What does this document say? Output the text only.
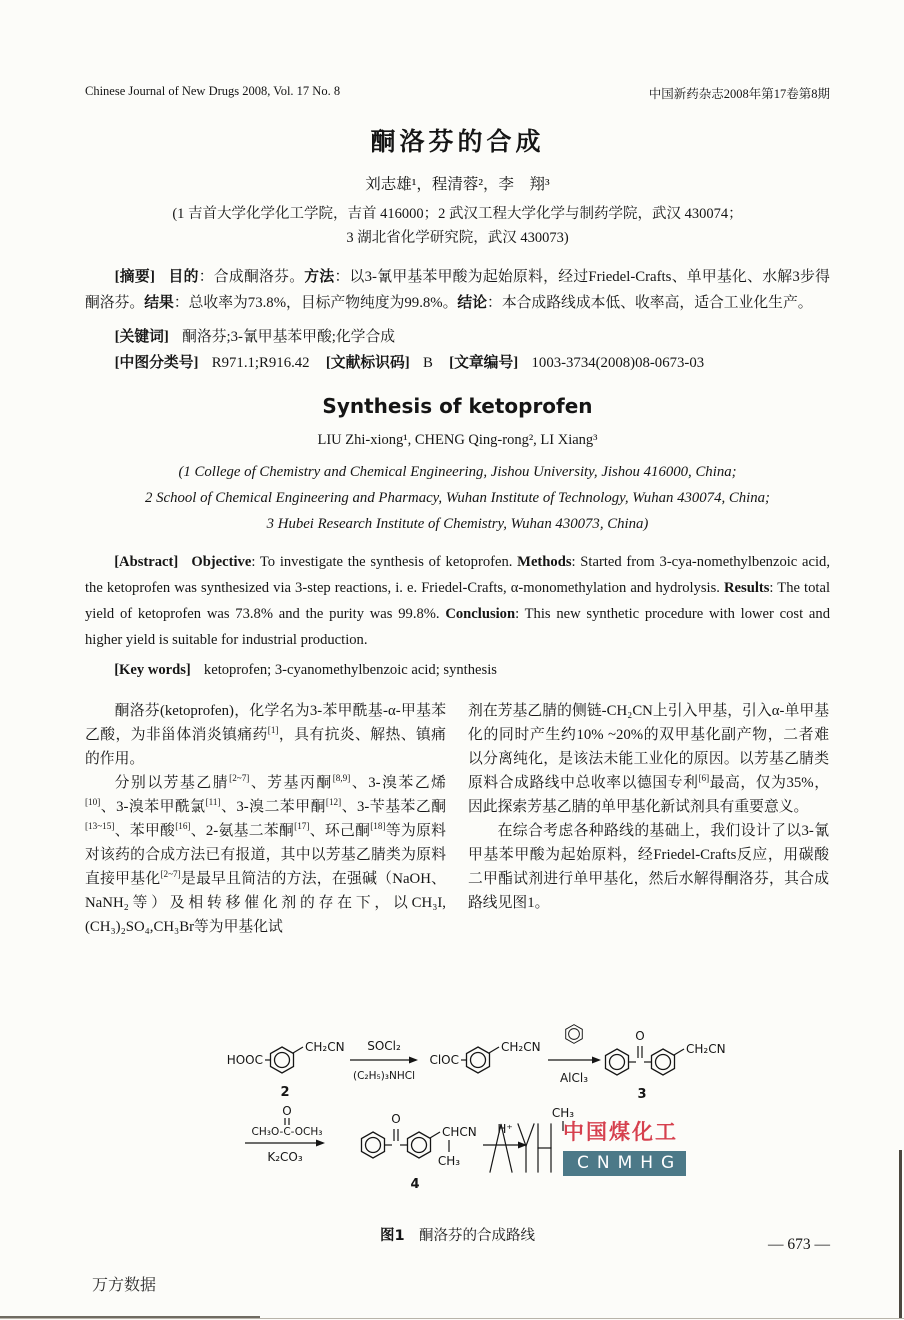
Chinese Journal of New Drugs 2008, Vol. 17 No. 8	中国新药杂志2008年第17卷第8期
酮洛芬的合成
刘志雄¹，程清蓉²，李　翔³
(1 吉首大学化学化工学院，吉首 416000；2 武汉工程大学化学与制药学院，武汉 430074；
3 湖北省化学研究院，武汉 430073)

[摘要] 目的：合成酮洛芬。方法：以3-氰甲基苯甲酸为起始原料，经过Friedel-Crafts、单甲基化、水解3步得酮洛芬。结果：总收率为73.8%，目标产物纯度为99.8%。结论：本合成路线成本低、收率高，适合工业化生产。

[关键词] 酮洛芬;3-氰甲基苯甲酸;化学合成

[中图分类号] R971.1;R916.42 [文献标识码] B [文章编号] 1003-3734(2008)08-0673-03

Synthesis of ketoprofen
LIU Zhi-xiong¹, CHENG Qing-rong², LI Xiang³
(1 College of Chemistry and Chemical Engineering, Jishou University, Jishou 416000, China;
2 School of Chemical Engineering and Pharmacy, Wuhan Institute of Technology, Wuhan 430074, China;
3 Hubei Research Institute of Chemistry, Wuhan 430073, China)

[Abstract] Objective: To investigate the synthesis of ketoprofen. Methods: Started from 3-cya-nomethylbenzoic acid, the ketoprofen was synthesized via 3-step reactions, i. e. Friedel-Crafts, α-monomethylation and hydrolysis. Results: The total yield of ketoprofen was 73.8% and the purity was 99.8%. Conclusion: This new synthetic procedure with lower cost and higher yield is suitable for industrial production.

[Key words] ketoprofen; 3-cyanomethylbenzoic acid; synthesis

酮洛芬(ketoprofen)，化学名为3-苯甲酰基-α-甲基苯乙酸，为非甾体消炎镇痛药[1]，具有抗炎、解热、镇痛的作用。

分别以芳基乙腈[2~7]、芳基丙酮[8,9]、3-溴苯乙烯[10]、3-溴苯甲酰氯[11]、3-溴二苯甲酮[12]、3-苄基苯乙酮[13~15]、苯甲酸[16]、2-氨基二苯酮[17]、环己酮[18]等为原料对该药的合成方法已有报道，其中以芳基乙腈类为原料直接甲基化[2~7]是最早且简洁的方法，在强碱（NaOH、NaNH₂等）及相转移催化剂的存在下，以CH₃I,(CH₃)₂SO₄,CH₃Br等为甲基化试

剂在芳基乙腈的侧链-CH₂CN上引入甲基，引入α-单甲基化的同时产生约10% ~20%的双甲基化副产物，二者难以分离纯化，是该法未能工业化的原因。以芳基乙腈类原料合成路线中总收率以德国专利[6]最高，仅为35%，因此探索芳基乙腈的单甲基化新试剂具有重要意义。

在综合考虑各种路线的基础上，我们设计了以3-氰甲基苯甲酸为起始原料，经Friedel-Crafts反应，用碳酸二甲酯试剂进行单甲基化，然后水解得酮洛芬，其合成路线见图1。

HOOC
CH₂CN
2
SOCl₂
(C₂H₅)₃NHCl
ClOC
CH₂CN
AlCl₃
O
CH₂CN
3
O
CH₃O-C-OCH₃
K₂CO₃
O
CHCN
CH₃
4
H⁺
CH₃
中国煤化工
CNMHG
图1 酮洛芬的合成路线	— 673 —
万方数据
